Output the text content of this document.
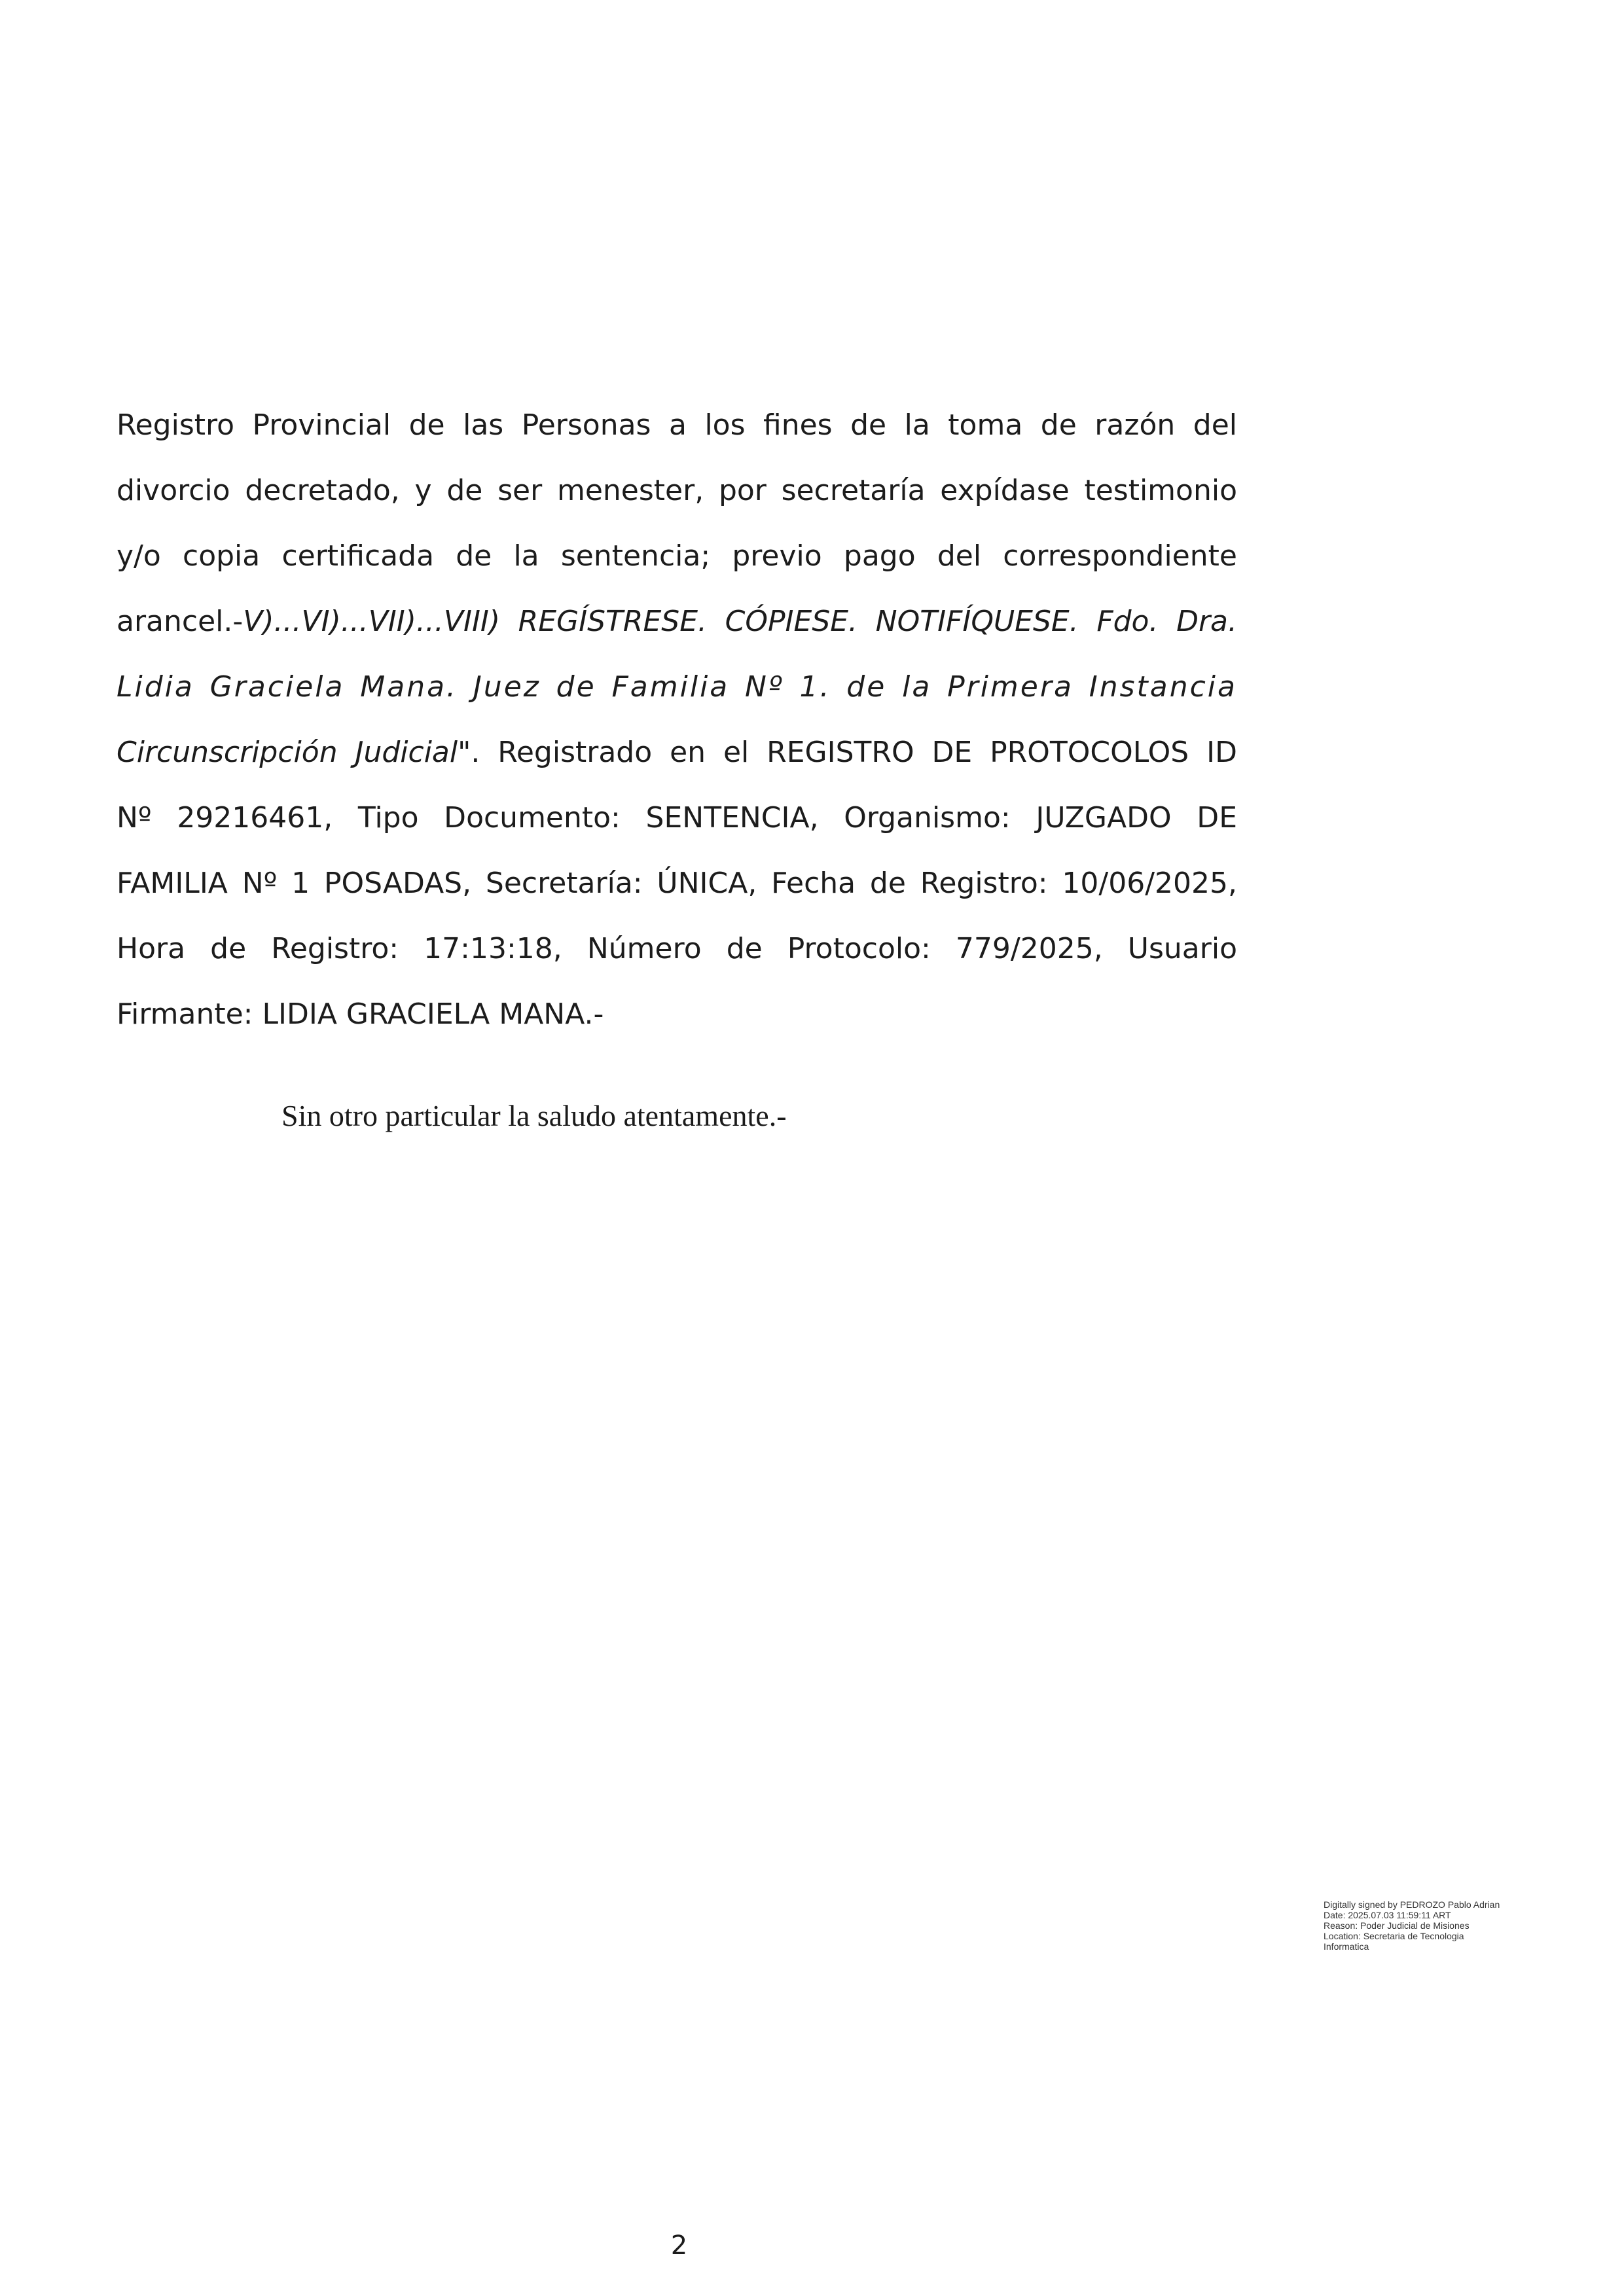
Registro Provincial de las Personas a los fines de la toma de razón del
divorcio decretado, y de ser menester, por secretaría expídase testimonio
y/o copia certificada de la sentencia; previo pago del correspondiente
arancel.-V)...VI)...VII)...VIII) REGÍSTRESE. CÓPIESE. NOTIFÍQUESE. Fdo. Dra.
Lidia Graciela Mana. Juez de Familia Nº 1. de la Primera Instancia
Circunscripción Judicial". Registrado en el REGISTRO DE PROTOCOLOS ID
Nº 29216461, Tipo Documento: SENTENCIA, Organismo: JUZGADO DE
FAMILIA Nº 1 POSADAS, Secretaría: ÚNICA, Fecha de Registro: 10/06/2025,
Hora de Registro: 17:13:18, Número de Protocolo: 779/2025, Usuario
Firmante: LIDIA GRACIELA MANA.-
Sin otro particular la saludo atentamente.-
Digitally signed by PEDROZO Pablo Adrian
Date: 2025.07.03 11:59:11 ART
Reason: Poder Judicial de Misiones
Location: Secretaria de Tecnologia
Informatica
2
